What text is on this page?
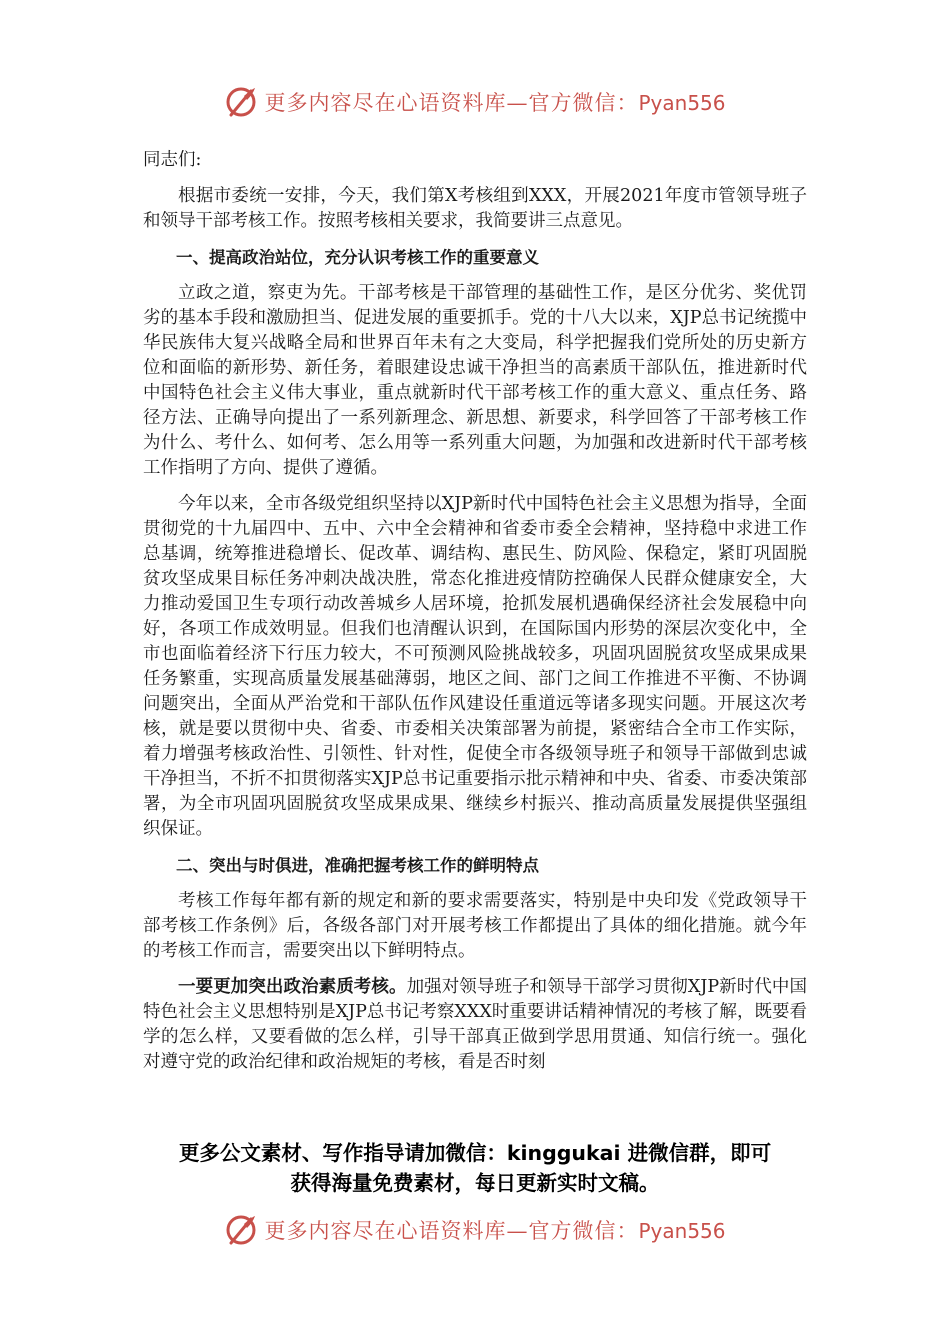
更多内容尽在心语资料库—官方微信：Pyan556

同志们:

根据市委统一安排，今天，我们第X考核组到XXX，开展2021年度市管领导班子和领导干部考核工作。按照考核相关要求，我简要讲三点意见。

一、提高政治站位，充分认识考核工作的重要意义

立政之道，察吏为先。干部考核是干部管理的基础性工作，是区分优劣、奖优罚劣的基本手段和激励担当、促进发展的重要抓手。党的十八大以来，XJP总书记统揽中华民族伟大复兴战略全局和世界百年未有之大变局，科学把握我们党所处的历史新方位和面临的新形势、新任务，着眼建设忠诚干净担当的高素质干部队伍，推进新时代中国特色社会主义伟大事业，重点就新时代干部考核工作的重大意义、重点任务、路径方法、正确导向提出了一系列新理念、新思想、新要求，科学回答了干部考核工作为什么、考什么、如何考、怎么用等一系列重大问题，为加强和改进新时代干部考核工作指明了方向、提供了遵循。

今年以来，全市各级党组织坚持以XJP新时代中国特色社会主义思想为指导，全面贯彻党的十九届四中、五中、六中全会精神和省委市委全会精神，坚持稳中求进工作总基调，统筹推进稳增长、促改革、调结构、惠民生、防风险、保稳定，紧盯巩固脱贫攻坚成果目标任务冲刺决战决胜，常态化推进疫情防控确保人民群众健康安全，大力推动爱国卫生专项行动改善城乡人居环境，抢抓发展机遇确保经济社会发展稳中向好，各项工作成效明显。但我们也清醒认识到，在国际国内形势的深层次变化中，全市也面临着经济下行压力较大，不可预测风险挑战较多，巩固巩固脱贫攻坚成果成果任务繁重，实现高质量发展基础薄弱，地区之间、部门之间工作推进不平衡、不协调问题突出，全面从严治党和干部队伍作风建设任重道远等诸多现实问题。开展这次考核，就是要以贯彻中央、省委、市委相关决策部署为前提，紧密结合全市工作实际，着力增强考核政治性、引领性、针对性，促使全市各级领导班子和领导干部做到忠诚干净担当，不折不扣贯彻落实XJP总书记重要指示批示精神和中央、省委、市委决策部署，为全市巩固巩固脱贫攻坚成果成果、继续乡村振兴、推动高质量发展提供坚强组织保证。

二、突出与时俱进，准确把握考核工作的鲜明特点

考核工作每年都有新的规定和新的要求需要落实，特别是中央印发《党政领导干部考核工作条例》后，各级各部门对开展考核工作都提出了具体的细化措施。就今年的考核工作而言，需要突出以下鲜明特点。

一要更加突出政治素质考核。加强对领导班子和领导干部学习贯彻XJP新时代中国特色社会主义思想特别是XJP总书记考察XXX时重要讲话精神情况的考核了解，既要看学的怎么样，又要看做的怎么样，引导干部真正做到学思用贯通、知信行统一。强化对遵守党的政治纪律和政治规矩的考核，看是否时刻

更多公文素材、写作指导请加微信：kinggukai 进微信群，即可
获得海量免费素材，每日更新实时文稿。
更多内容尽在心语资料库—官方微信：Pyan556
